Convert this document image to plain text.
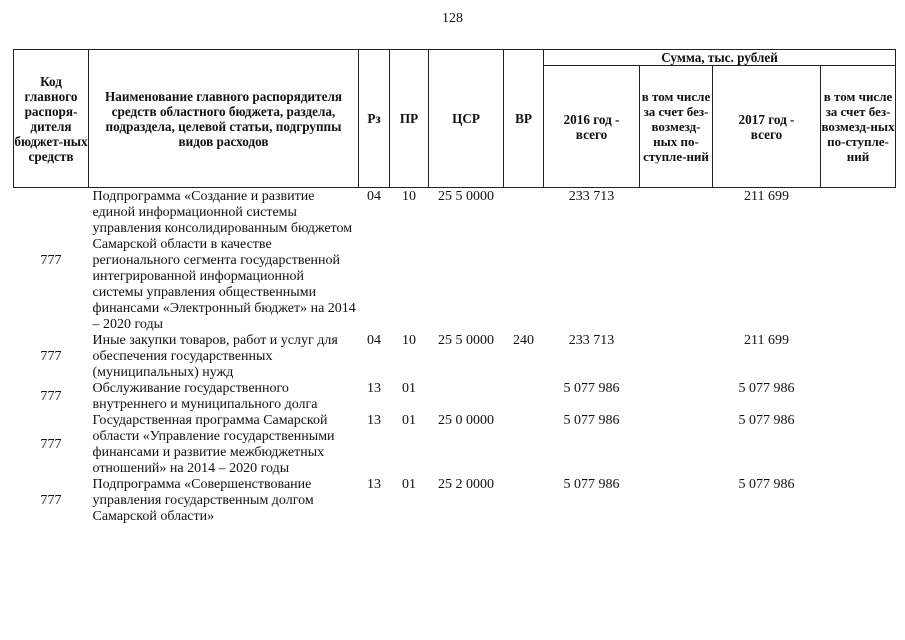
128
Код главного распоря-дителя бюджет-ных средств	Наименование главного распорядителя средств областного бюджета, раздела, подраздела, целевой статьи, подгруппы видов расходов	Рз	ПР	ЦСР	ВР	Сумма, тыс. рублей			
						2016 год - всего	в том числе за счет без-возмезд-ных по-ступле-ний	2017 год - всего	в том числе за счет без-возмезд-ных по-ступле-ний
777	Подпрограмма «Создание и развитие единой информационной системы управления консолидированным бюджетом Самарской области в качестве регионального сегмента государственной интегрированной информационной системы управления общественными финансами «Электронный бюджет» на 2014 – 2020 годы	04	10	25 5 0000		233 713		211 699	
777	Иные закупки товаров, работ и услуг для обеспечения государственных (муниципальных) нужд	04	10	25 5 0000	240	233 713		211 699	
777	Обслуживание государственного внутреннего и муниципального долга	13	01			5 077 986		5 077 986	
777	Государственная программа Самарской области «Управление государственными финансами и развитие межбюджетных отношений» на 2014 – 2020 годы	13	01	25 0 0000		5 077 986		5 077 986	
777	Подпрограмма «Совершенствование управления государственным долгом Самарской области»	13	01	25 2 0000		5 077 986		5 077 986	
